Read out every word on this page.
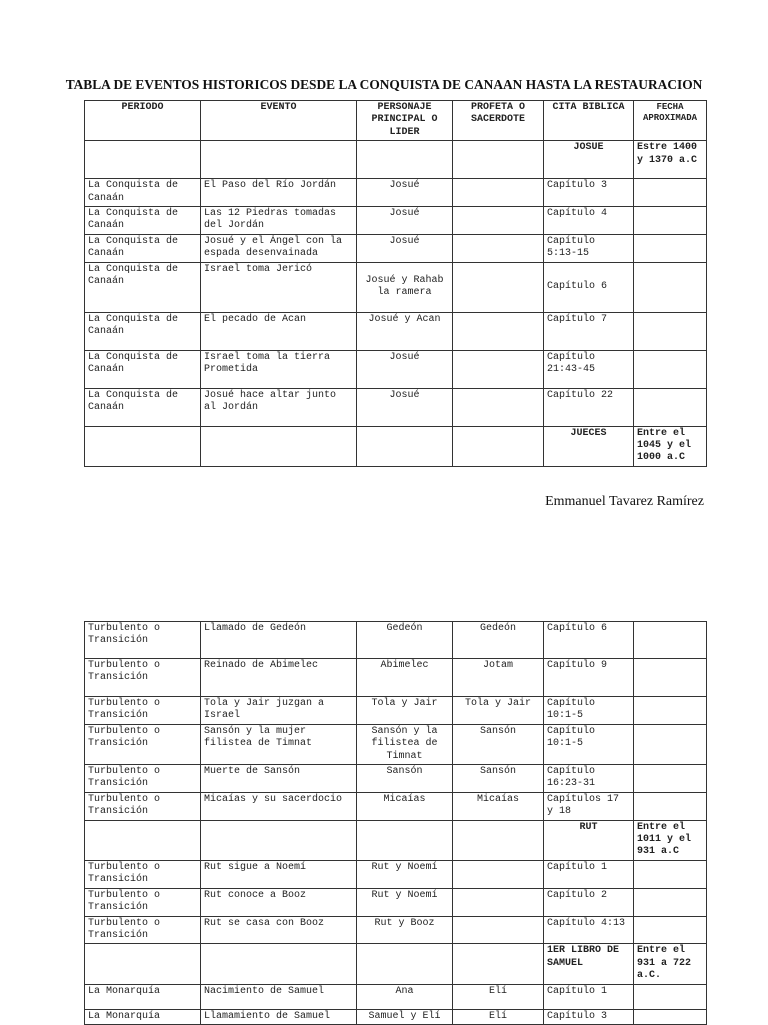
TABLA DE EVENTOS HISTORICOS DESDE LA CONQUISTA DE CANAAN HASTA LA RESTAURACION
PERIODO	EVENTO	PERSONAJE PRINCIPAL O LIDER	PROFETA O SACERDOTE	CITA BIBLICA	FECHA APROXIMADA
				JOSUE	Estre 1400 y 1370 a.C
La Conquista de Canaán	El Paso del Río Jordán	Josué		Capítulo 3	
La Conquista de Canaán	Las 12 Piedras tomadas del Jordán	Josué		Capítulo 4	
La Conquista de Canaán	Josué y el Ángel con la espada desenvainada	Josué		Capítulo 5:13-15	
La Conquista de Canaán	Israel toma Jericó	Josué y Rahab la ramera		Capítulo 6	
La Conquista de Canaán	El pecado de Acan	Josué y Acan		Capítulo 7	
La Conquista de Canaán	Israel toma la tierra Prometida	Josué		Capítulo 21:43-45	
La Conquista de Canaán	Josué hace altar junto al Jordán	Josué		Capítulo 22	
				JUECES	Entre el 1045 y el 1000 a.C
Emmanuel Tavarez Ramírez
Turbulento o Transición	Llamado de Gedeón	Gedeón	Gedeón	Capítulo 6	
Turbulento o Transición	Reinado de Abimelec	Abimelec	Jotam	Capítulo 9	
Turbulento o Transición	Tola y Jair juzgan a Israel	Tola y Jair	Tola y Jair	Capítulo 10:1-5	
Turbulento o Transición	Sansón y la mujer filistea de Timnat	Sansón y la filistea de Timnat	Sansón	Capítulo 10:1-5	
Turbulento o Transición	Muerte de Sansón	Sansón	Sansón	Capítulo 16:23-31	
Turbulento o Transición	Micaías y su sacerdocio	Micaías	Micaías	Capítulos 17 y 18	
				RUT	Entre el 1011 y el 931 a.C
Turbulento o Transición	Rut sigue a Noemí	Rut y Noemí		Capítulo 1	
Turbulento o Transición	Rut conoce a Booz	Rut y Noemí		Capítulo 2	
Turbulento o Transición	Rut se casa con Booz	Rut y Booz		Capítulo 4:13	
				1ER LIBRO DE SAMUEL	Entre el 931 a 722 a.C.
La Monarquía	Nacimiento de Samuel	Ana	Elí	Capítulo 1	
La Monarquía	Llamamiento de Samuel	Samuel y Elí	Elí	Capítulo 3	
